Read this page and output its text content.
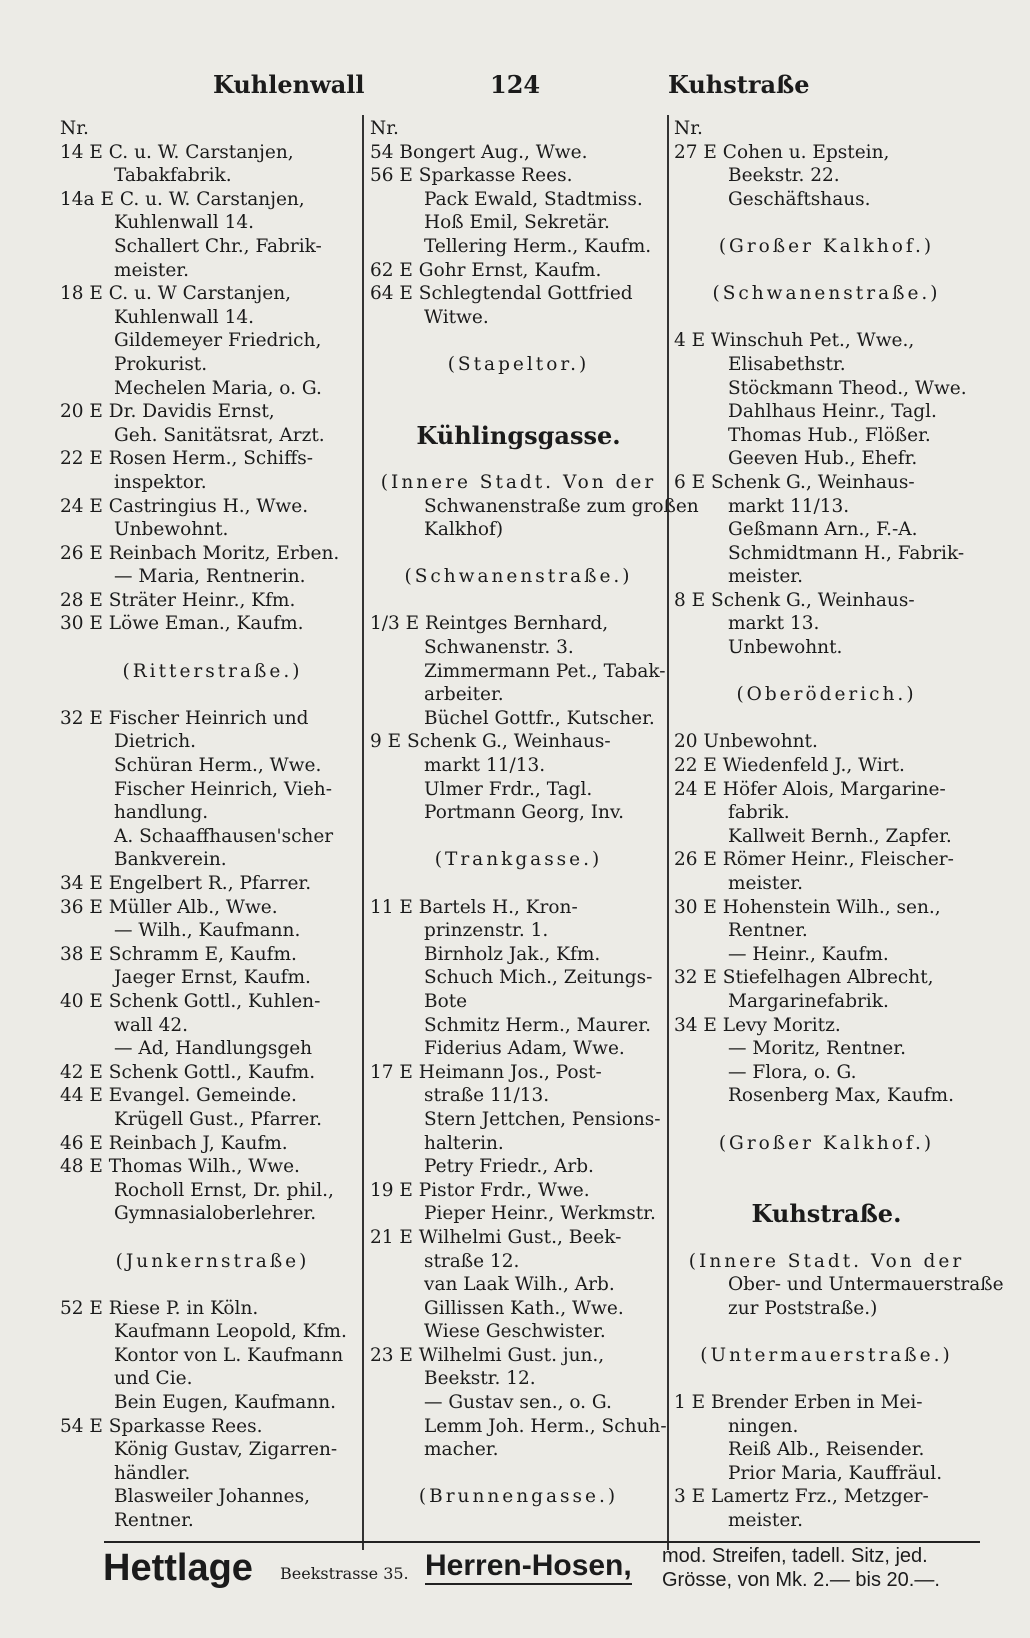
Kuhlenwall	124	Kuhstraße
Nr.
14 E C. u. W. Carstanjen,
Tabakfabrik.
14a E C. u. W. Carstanjen,
Kuhlenwall 14.
Schallert Chr., Fabrik-
meister.
18 E C. u. W Carstanjen,
Kuhlenwall 14.
Gildemeyer Friedrich,
Prokurist.
Mechelen Maria, o. G.
20 E Dr. Davidis Ernst,
Geh. Sanitätsrat, Arzt.
22 E Rosen Herm., Schiffs-
inspektor.
24 E Castringius H., Wwe.
Unbewohnt.
26 E Reinbach Moritz, Erben.
— Maria, Rentnerin.
28 E Sträter Heinr., Kfm.
30 E Löwe Eman., Kaufm.
(Ritterstraße.)
32 E Fischer Heinrich und
Dietrich.
Schüran Herm., Wwe.
Fischer Heinrich, Vieh-
handlung.
A. Schaaffhausen'scher
Bankverein.
34 E Engelbert R., Pfarrer.
36 E Müller Alb., Wwe.
— Wilh., Kaufmann.
38 E Schramm E, Kaufm.
Jaeger Ernst, Kaufm.
40 E Schenk Gottl., Kuhlen-
wall 42.
— Ad, Handlungsgeh
42 E Schenk Gottl., Kaufm.
44 E Evangel. Gemeinde.
Krügell Gust., Pfarrer.
46 E Reinbach J, Kaufm.
48 E Thomas Wilh., Wwe.
Rocholl Ernst, Dr. phil.,
Gymnasialoberlehrer.
(Junkernstraße)
52 E Riese P. in Köln.
Kaufmann Leopold, Kfm.
Kontor von L. Kaufmann
und Cie.
Bein Eugen, Kaufmann.
54 E Sparkasse Rees.
König Gustav, Zigarren-
händler.
Blasweiler Johannes,
Rentner.
Nr.
54 Bongert Aug., Wwe.
56 E Sparkasse Rees.
Pack Ewald, Stadtmiss.
Hoß Emil, Sekretär.
Tellering Herm., Kaufm.
62 E Gohr Ernst, Kaufm.
64 E Schlegtendal Gottfried
Witwe.
(Stapeltor.)
Kühlingsgasse.
(Innere Stadt. Von der
Schwanenstraße zum großen
Kalkhof)
(Schwanenstraße.)
1/3 E Reintges Bernhard,
Schwanenstr. 3.
Zimmermann Pet., Tabak-
arbeiter.
Büchel Gottfr., Kutscher.
9 E Schenk G., Weinhaus-
markt 11/13.
Ulmer Frdr., Tagl.
Portmann Georg, Inv.
(Trankgasse.)
11 E Bartels H., Kron-
prinzenstr. 1.
Birnholz Jak., Kfm.
Schuch Mich., Zeitungs-
Bote
Schmitz Herm., Maurer.
Fiderius Adam, Wwe.
17 E Heimann Jos., Post-
straße 11/13.
Stern Jettchen, Pensions-
halterin.
Petry Friedr., Arb.
19 E Pistor Frdr., Wwe.
Pieper Heinr., Werkmstr.
21 E Wilhelmi Gust., Beek-
straße 12.
van Laak Wilh., Arb.
Gillissen Kath., Wwe.
Wiese Geschwister.
23 E Wilhelmi Gust. jun.,
Beekstr. 12.
— Gustav sen., o. G.
Lemm Joh. Herm., Schuh-
macher.
(Brunnengasse.)
Nr.
27 E Cohen u. Epstein,
Beekstr. 22.
Geschäftshaus.
(Großer Kalkhof.)
(Schwanenstraße.)
4 E Winschuh Pet., Wwe.,
Elisabethstr.
Stöckmann Theod., Wwe.
Dahlhaus Heinr., Tagl.
Thomas Hub., Flößer.
Geeven Hub., Ehefr.
6 E Schenk G., Weinhaus-
markt 11/13.
Geßmann Arn., F.-A.
Schmidtmann H., Fabrik-
meister.
8 E Schenk G., Weinhaus-
markt 13.
Unbewohnt.
(Oberöderich.)
20 Unbewohnt.
22 E Wiedenfeld J., Wirt.
24 E Höfer Alois, Margarine-
fabrik.
Kallweit Bernh., Zapfer.
26 E Römer Heinr., Fleischer-
meister.
30 E Hohenstein Wilh., sen.,
Rentner.
— Heinr., Kaufm.
32 E Stiefelhagen Albrecht,
Margarinefabrik.
34 E Levy Moritz.
— Moritz, Rentner.
— Flora, o. G.
Rosenberg Max, Kaufm.
(Großer Kalkhof.)
Kuhstraße.
(Innere Stadt. Von der
Ober- und Untermauerstraße
zur Poststraße.)
(Untermauerstraße.)
1 E Brender Erben in Mei-
ningen.
Reiß Alb., Reisender.
Prior Maria, Kauffräul.
3 E Lamertz Frz., Metzger-
meister.
Hettlage Beekstrasse 35. Herren-Hosen, mod. Streifen, tadell. Sitz, jed.
Grösse, von Mk. 2.— bis 20.—.
